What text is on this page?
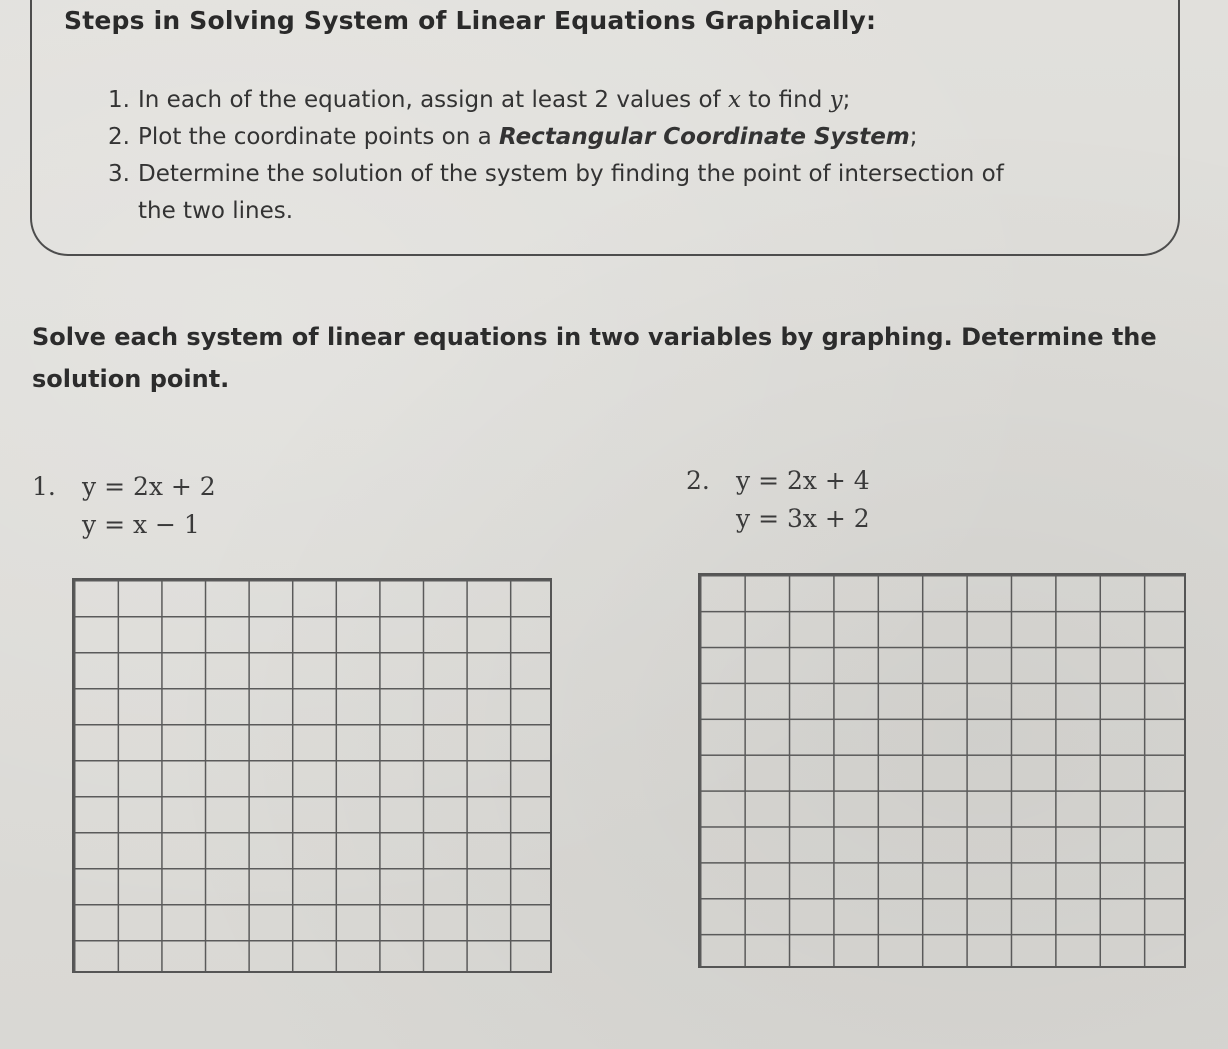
Steps in Solving System of Linear Equations Graphically:
1. In each of the equation, assign at least 2 values of x to find y;
2. Plot the coordinate points on a Rectangular Coordinate System;
3. Determine the solution of the system by finding the point of intersection of
the two lines.
Solve each system of linear equations in two variables by graphing. Determine the solution point.
1. y = 2x + 2
y = x − 1
2. y = 2x + 4
y = 3x + 2
